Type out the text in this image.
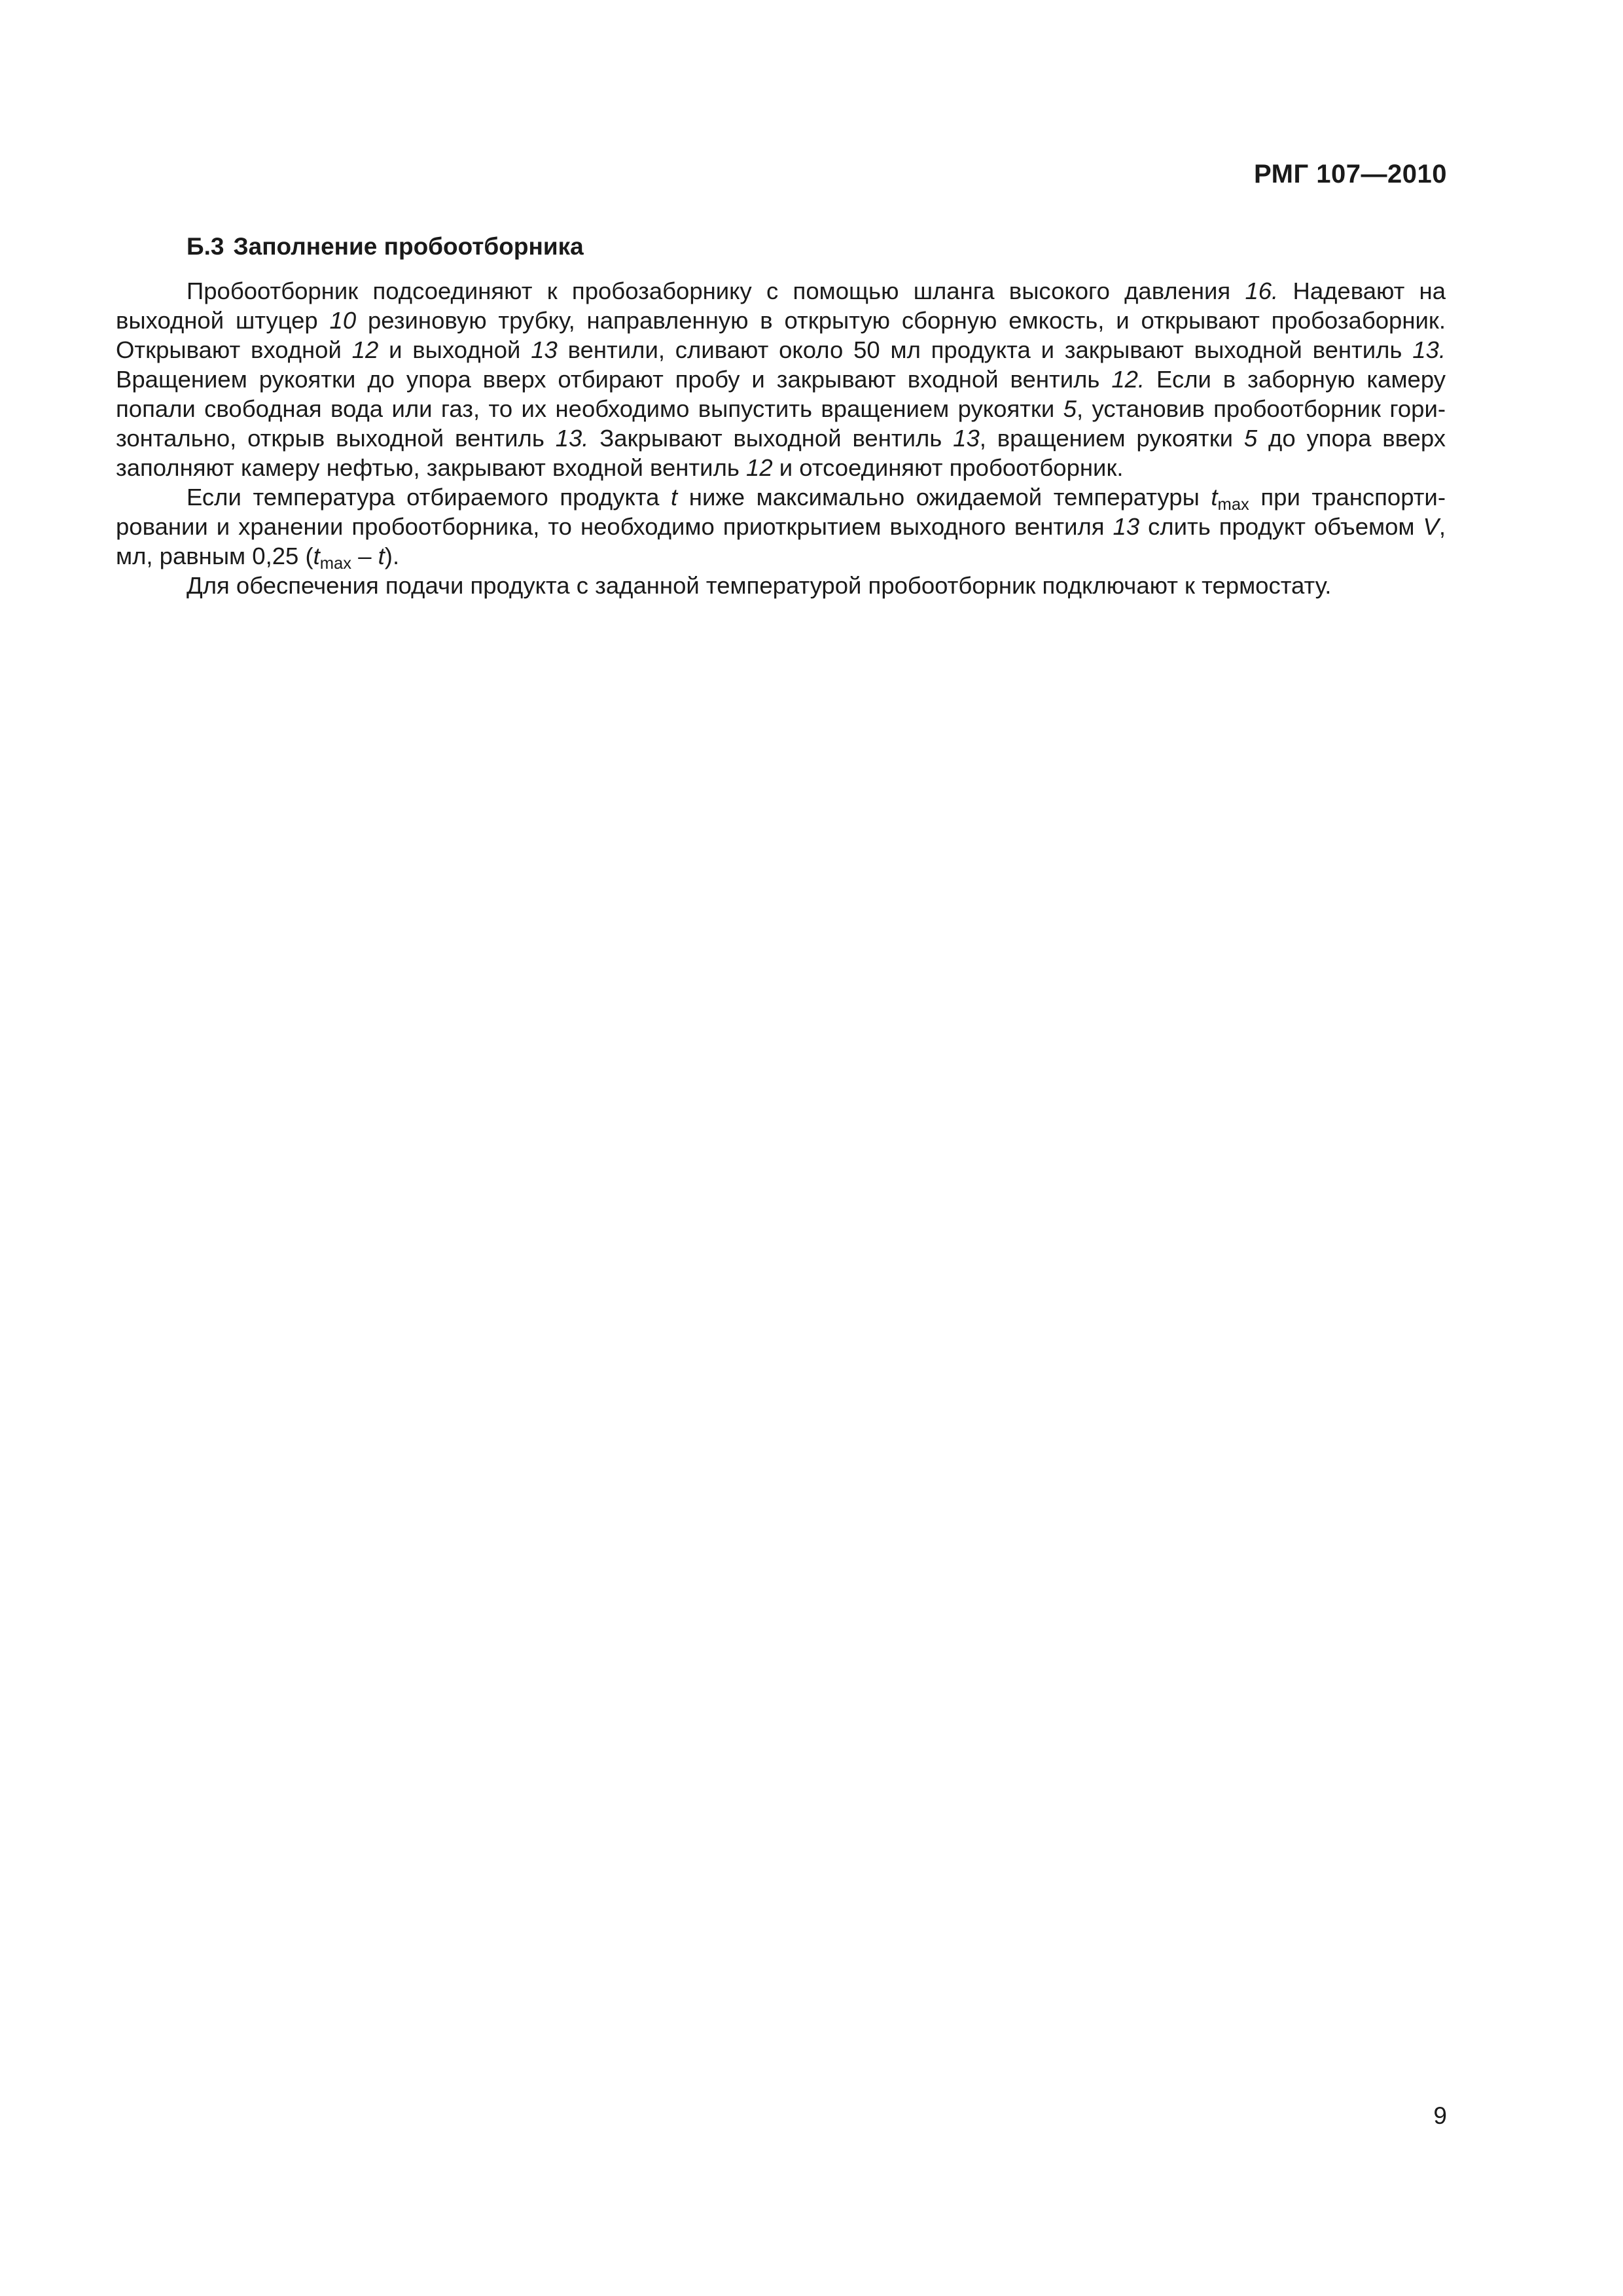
РМГ 107—2010
Б.3 Заполнение пробоотборника

Пробоотборник подсоединяют к пробозаборнику с помощью шланга высокого давления 16. Надевают на выходной штуцер 10 резиновую трубку, направленную в открытую сборную емкость, и открывают пробозаборник. Открывают входной 12 и выходной 13 вентили, сливают около 50 мл продукта и закрывают выходной вентиль 13. Вращением рукоятки до упора вверх отбирают пробу и закрывают входной вентиль 12. Если в заборную камеру попали свободная вода или газ, то их необходимо выпустить вращением рукоятки 5, установив пробоотборник горизонтально, открыв выходной вентиль 13. Закрывают выходной вентиль 13, вращением рукоятки 5 до упора вверх заполняют камеру нефтью, закрывают входной вентиль 12 и отсоединяют пробоотборник.

Если температура отбираемого продукта t ниже максимально ожидаемой температуры $t_{max}$ при транспортировании и хранении пробоотборника, то необходимо приоткрытием выходного вентиля 13 слить продукт объемом V, мл, равным 0,25 $(t_{max} - t)$.

Для обеспечения подачи продукта с заданной температурой пробоотборник подключают к термостату.

9
